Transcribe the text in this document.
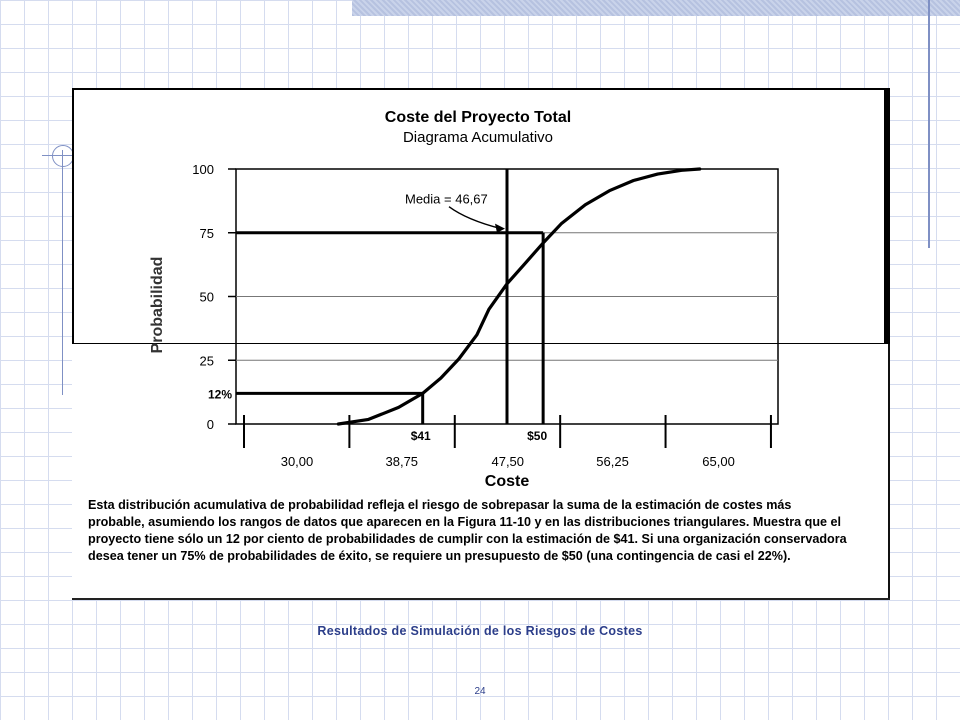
Coste del Proyecto Total
Diagrama Acumulativo
0
25
50
75
100
30,00	38,75	47,50	56,25	65,00
Probabilidad
Coste
Media = 46,67
$41	$50
12%
Esta distribución acumulativa de probabilidad refleja el riesgo de sobrepasar la suma de la estimación de costes más probable, asumiendo los rangos de datos que aparecen en la Figura 11-10 y en las distribuciones triangulares. Muestra que el proyecto tiene sólo un 12 por ciento de probabilidades de cumplir con la estimación de $41. Si una organización conservadora desea tener un 75% de probabilidades de éxito, se requiere un presupuesto de $50 (una contingencia de casi el 22%).
Resultados de Simulación de los Riesgos de Costes
24
